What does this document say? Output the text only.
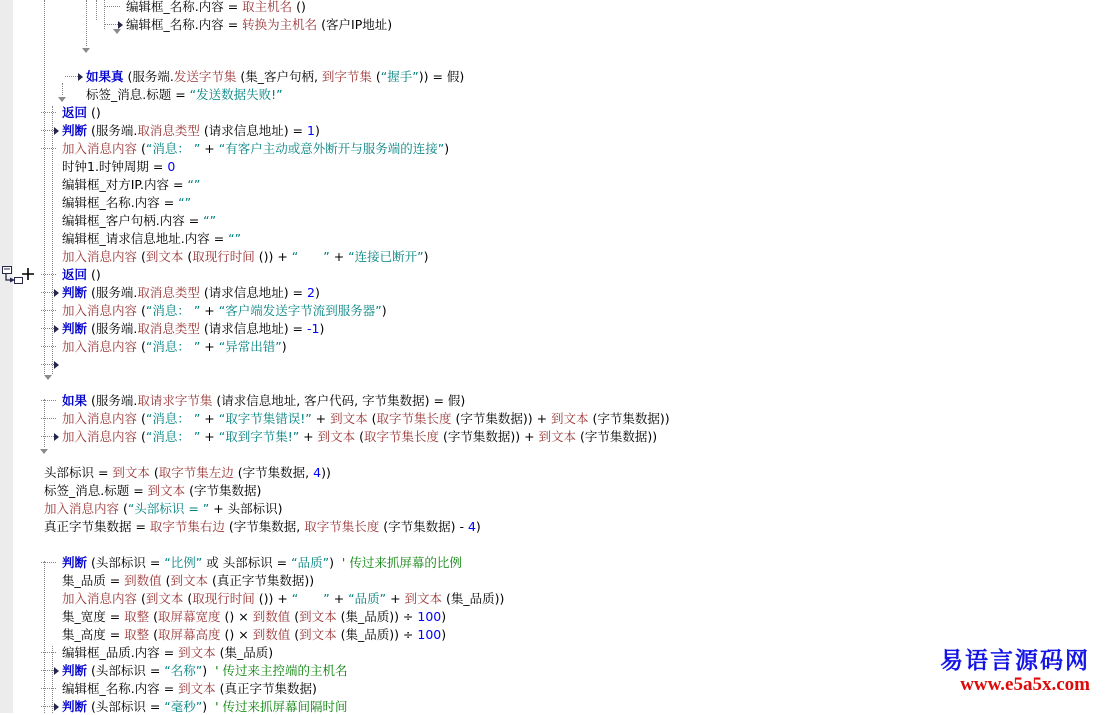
编辑框_名称.内容 = 取主机名 ()
编辑框_名称.内容 = 转换为主机名 (客户IP地址)
如果真 (服务端.发送字节集 (集_客户句柄, 到字节集 (“握手”)) = 假)
标签_消息.标题 = “发送数据失败!”
返回 ()
判断 (服务端.取消息类型 (请求信息地址) = 1)
加入消息内容 (“消息： ” + “有客户主动或意外断开与服务端的连接”)
时钟1.时钟周期 = 0
编辑框_对方IP.内容 = “”
编辑框_名称.内容 = “”
编辑框_客户句柄.内容 = “”
编辑框_请求信息地址.内容 = “”
加入消息内容 (到文本 (取现行时间 ()) + “　　” + “连接已断开”)
返回 ()
判断 (服务端.取消息类型 (请求信息地址) = 2)
加入消息内容 (“消息： ” + “客户端发送字节流到服务器”)
判断 (服务端.取消息类型 (请求信息地址) = -1)
加入消息内容 (“消息： ” + “异常出错”)
如果 (服务端.取请求字节集 (请求信息地址, 客户代码, 字节集数据) = 假)
加入消息内容 (“消息： ” + “取字节集错误!” + 到文本 (取字节集长度 (字节集数据)) + 到文本 (字节集数据))
加入消息内容 (“消息： ” + “取到字节集!” + 到文本 (取字节集长度 (字节集数据)) + 到文本 (字节集数据))
头部标识 = 到文本 (取字节集左边 (字节集数据, 4))
标签_消息.标题 = 到文本 (字节集数据)
加入消息内容 (“头部标识 = ” + 头部标识)
真正字节集数据 = 取字节集右边 (字节集数据, 取字节集长度 (字节集数据) - 4)
判断 (头部标识 = “比例” 或 头部标识 = “品质”)  ' 传过来抓屏幕的比例
集_品质 = 到数值 (到文本 (真正字节集数据))
加入消息内容 (到文本 (取现行时间 ()) + “　　” + “品质” + 到文本 (集_品质))
集_宽度 = 取整 (取屏幕宽度 () × 到数值 (到文本 (集_品质)) ÷ 100)
集_高度 = 取整 (取屏幕高度 () × 到数值 (到文本 (集_品质)) ÷ 100)
编辑框_品质.内容 = 到文本 (集_品质)
判断 (头部标识 = “名称”)  ' 传过来主控端的主机名
编辑框_名称.内容 = 到文本 (真正字节集数据)
判断 (头部标识 = “毫秒”)  ' 传过来抓屏幕间隔时间
易语言源码网
www.e5a5x.com
